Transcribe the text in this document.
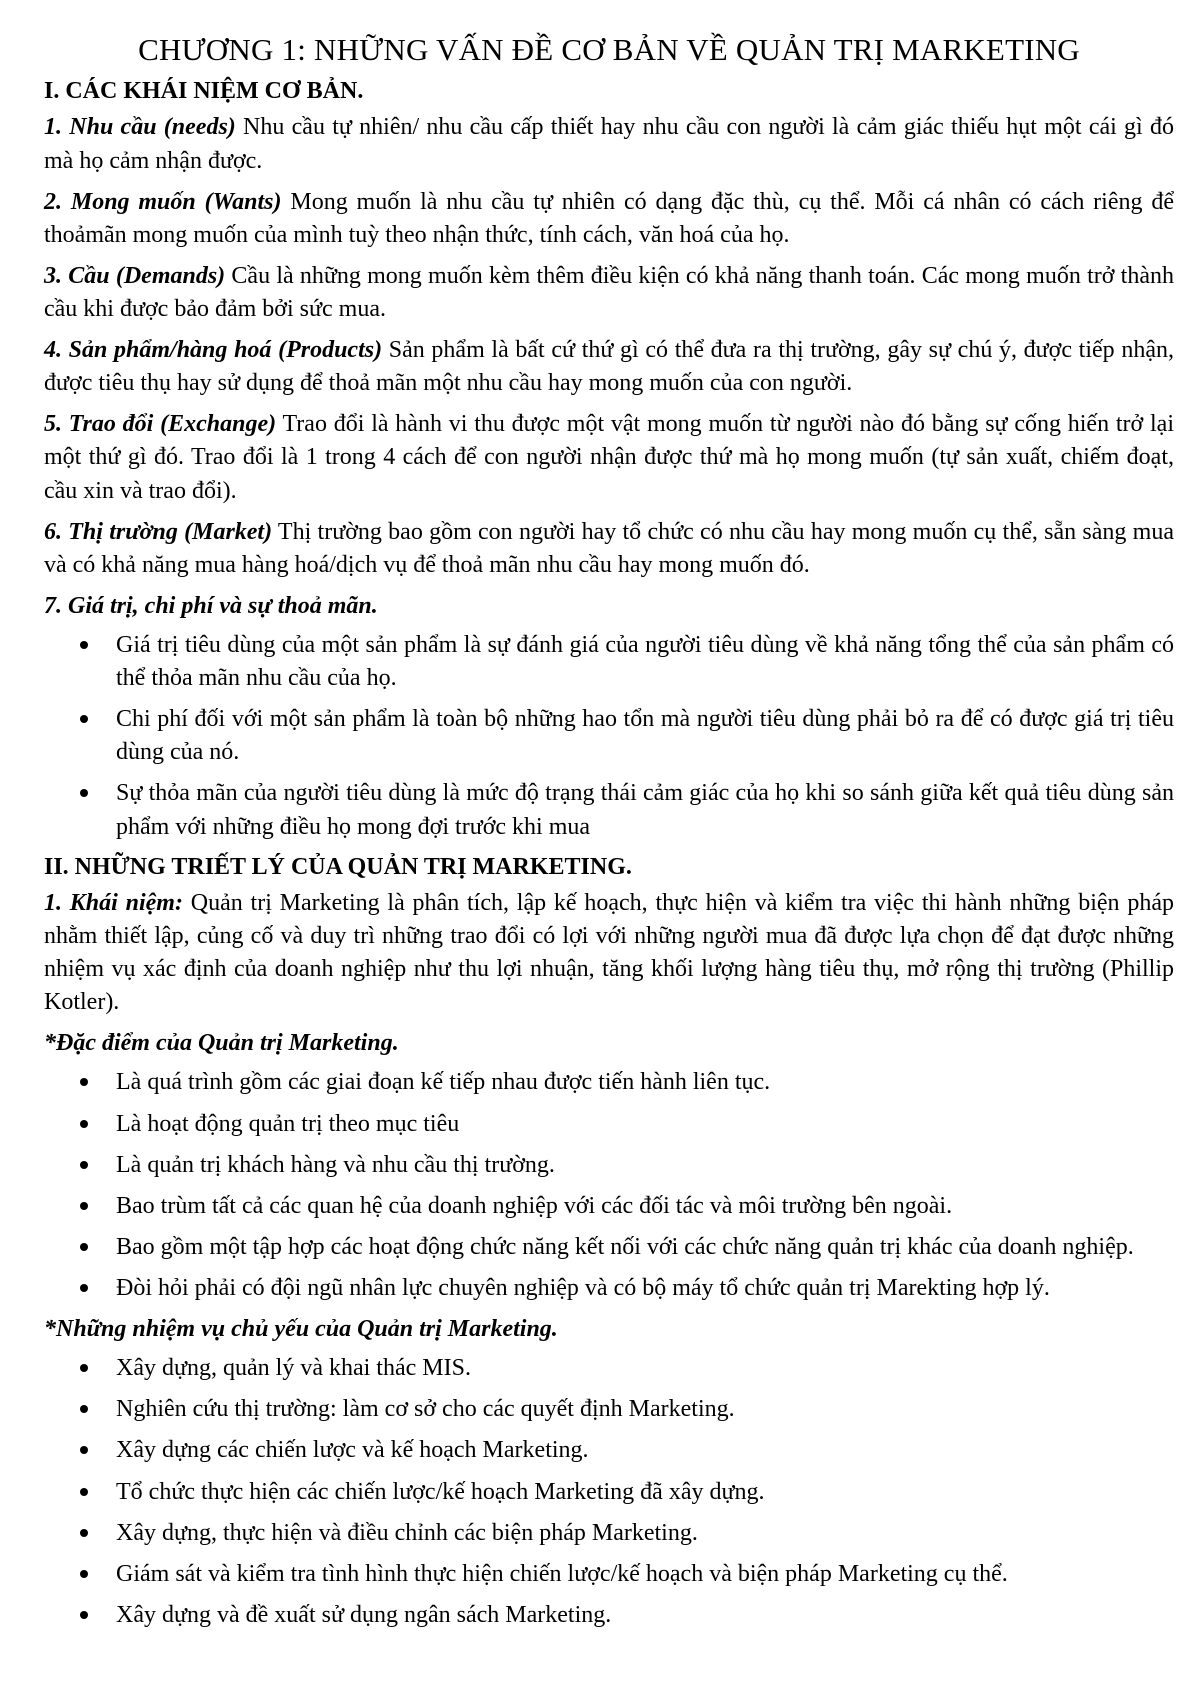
CHƯƠNG 1: NHỮNG VẤN ĐỀ CƠ BẢN VỀ QUẢN TRỊ MARKETING
I. CÁC KHÁI NIỆM CƠ BẢN.

1. Nhu cầu (needs) Nhu cầu tự nhiên/ nhu cầu cấp thiết hay nhu cầu con người là cảm giác thiếu hụt một cái gì đó mà họ cảm nhận được.

2. Mong muốn (Wants) Mong muốn là nhu cầu tự nhiên có dạng đặc thù, cụ thể. Mỗi cá nhân có cách riêng để thoảmãn mong muốn của mình tuỳ theo nhận thức, tính cách, văn hoá của họ.

3. Cầu (Demands) Cầu là những mong muốn kèm thêm điều kiện có khả năng thanh toán. Các mong muốn trở thành cầu khi được bảo đảm bởi sức mua.

4. Sản phẩm/hàng hoá (Products) Sản phẩm là bất cứ thứ gì có thể đưa ra thị trường, gây sự chú ý, được tiếp nhận, được tiêu thụ hay sử dụng để thoả mãn một nhu cầu hay mong muốn của con người.

5. Trao đổi (Exchange) Trao đổi là hành vi thu được một vật mong muốn từ người nào đó bằng sự cống hiến trở lại một thứ gì đó. Trao đổi là 1 trong 4 cách để con người nhận được thứ mà họ mong muốn (tự sản xuất, chiếm đoạt, cầu xin và trao đổi).

6. Thị trường (Market) Thị trường bao gồm con người hay tổ chức có nhu cầu hay mong muốn cụ thể, sẵn sàng mua và có khả năng mua hàng hoá/dịch vụ để thoả mãn nhu cầu hay mong muốn đó.

7. Giá trị, chi phí và sự thoả mãn.

Giá trị tiêu dùng của một sản phẩm là sự đánh giá của người tiêu dùng về khả năng tổng thể của sản phẩm có thể thỏa mãn nhu cầu của họ.
Chi phí đối với một sản phẩm là toàn bộ những hao tổn mà người tiêu dùng phải bỏ ra để có được giá trị tiêu dùng của nó.
Sự thỏa mãn của người tiêu dùng là mức độ trạng thái cảm giác của họ khi so sánh giữa kết quả tiêu dùng sản phẩm với những điều họ mong đợi trước khi mua
II. NHỮNG TRIẾT LÝ CỦA QUẢN TRỊ MARKETING.

1. Khái niệm: Quản trị Marketing là phân tích, lập kế hoạch, thực hiện và kiểm tra việc thi hành những biện pháp nhằm thiết lập, củng cố và duy trì những trao đổi có lợi với những người mua đã được lựa chọn để đạt được những nhiệm vụ xác định của doanh nghiệp như thu lợi nhuận, tăng khối lượng hàng tiêu thụ, mở rộng thị trường (Phillip Kotler).

*Đặc điểm của Quản trị Marketing.

Là quá trình gồm các giai đoạn kế tiếp nhau được tiến hành liên tục.
Là hoạt động quản trị theo mục tiêu
Là quản trị khách hàng và nhu cầu thị trường.
Bao trùm tất cả các quan hệ của doanh nghiệp với các đối tác và môi trường bên ngoài.
Bao gồm một tập hợp các hoạt động chức năng kết nối với các chức năng quản trị khác của doanh nghiệp.
Đòi hỏi phải có đội ngũ nhân lực chuyên nghiệp và có bộ máy tổ chức quản trị Marekting hợp lý.

*Những nhiệm vụ chủ yếu của Quản trị Marketing.

Xây dựng, quản lý và khai thác MIS.
Nghiên cứu thị trường: làm cơ sở cho các quyết định Marketing.
Xây dựng các chiến lược và kế hoạch Marketing.
Tổ chức thực hiện các chiến lược/kế hoạch Marketing đã xây dựng.
Xây dựng, thực hiện và điều chỉnh các biện pháp Marketing.
Giám sát và kiểm tra tình hình thực hiện chiến lược/kế hoạch và biện pháp Marketing cụ thể.
Xây dựng và đề xuất sử dụng ngân sách Marketing.
